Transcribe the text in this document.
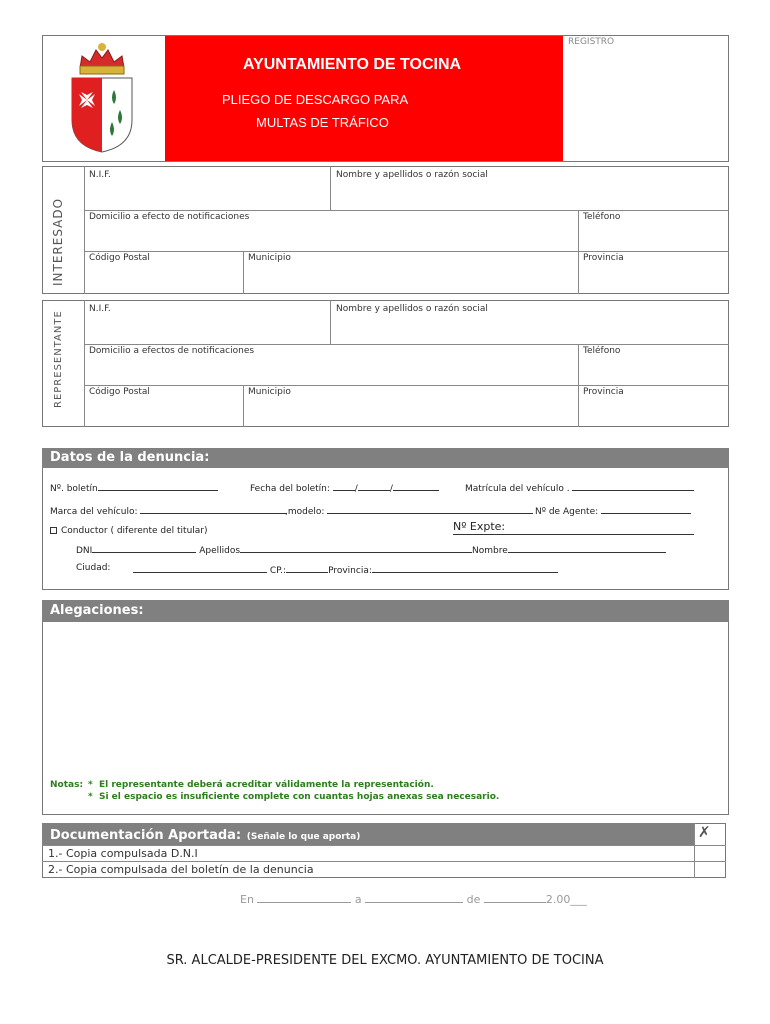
REGISTRO
AYUNTAMIENTO DE TOCINA
PLIEGO DE DESCARGO PARA
MULTAS DE TRÁFICO
INTERESADO
N.I.F.	Nombre y apellidos o razón social
Domicilio a efecto de notificaciones	Teléfono
Código Postal	Municipio	Provincia
REPRESENTANTE
N.I.F.	Nombre y apellidos o razón social
Domicilio a efectos de notificaciones	Teléfono
Código Postal	Municipio	Provincia
Datos de la denuncia:
Nº. boletín	Fecha del boletín:	/	/	Matrícula del vehículo .
Marca del vehículo:	,modelo:	Nº de Agente:
Conductor ( diferente del titular)	Nº Expte:
DNI	Apellidos	Nombre
Ciudad:	CP.:	Provincia:
Alegaciones:
Notas: *  El representante deberá acreditar válidamente la representación.
*  Si el espacio es insuficiente complete con cuantas hojas anexas sea necesario.
Documentación Aportada: (Señale lo que aporta)	✗
1.- Copia compulsada D.N.I
2.- Copia compulsada del boletín de la denuncia
En	a	de	2.00___
SR. ALCALDE-PRESIDENTE DEL EXCMO. AYUNTAMIENTO DE TOCINA
